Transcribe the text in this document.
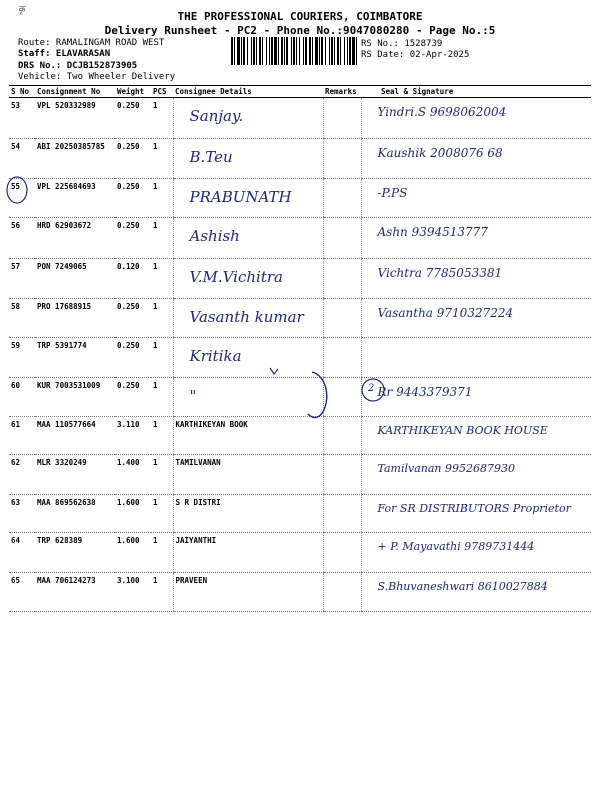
कृ	THE PROFESSIONAL COURIERS, COIMBATORE
Delivery Runsheet - PC2 - Phone No.:9047080280 - Page No.:5
Route: RAMALINGAM ROAD WEST
Staff: ELAVARASAN
DRS No.: DCJB152873905
Vehicle: Two Wheeler Delivery
RS No.: 1528739
RS Date: 02-Apr-2025
S No	Consignment No	Weight	PCS	Consignee Details	Remarks	Seal & Signature
53	VPL 520332989	0.250	1	Sanjay.		Yindri.S 9698062004

54	ABI 20250385785	0.250	1	B.Teu		Kaushik 2008076 68

55	VPL 225684693	0.250	1	PRABUNATH		-P.PS

56	HRD 62903672	0.250	1	Ashish		Ashn 9394513777

57	PON 7249065	0.120	1	V.M.Vichitra		Vichtra 7785053381

58	PRO 17688915	0.250	1	Vasanth kumar		Vasantha 9710327224

59	TRP 5391774	0.250	1	Kritika		

60	KUR 7003531009	0.250	1	"		Rr 9443379371

61	MAA 110577664	3.110	1	KARTHIKEYAN BOOK		KARTHIKEYAN BOOK HOUSE

62	MLR 3320249	1.400	1	TAMILVANAN		Tamilvanan 9952687930

63	MAA 869562638	1.600	1	S R DISTRI		For SR DISTRIBUTORS Proprietor

64	TRP 628389	1.600	1	JAIYANTHI		+ P. Mayavathi 9789731444

65	MAA 706124273	3.100	1	PRAVEEN		S.Bhuvaneshwari 8610027884
2
